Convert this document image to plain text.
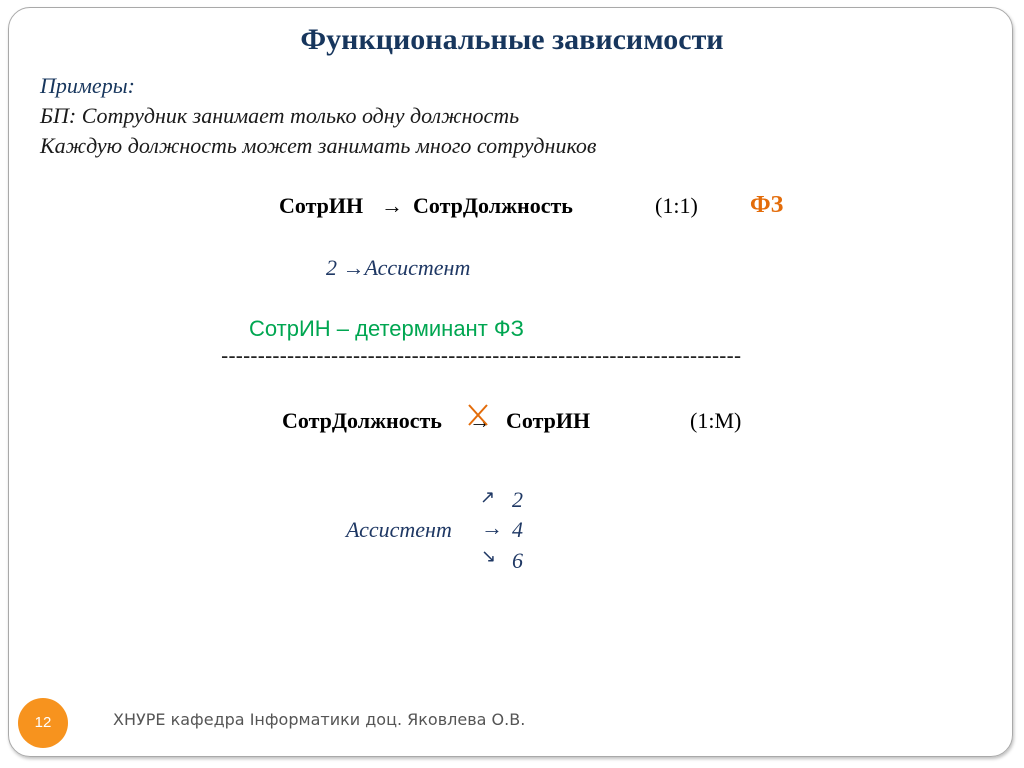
Функциональные зависимости
Примеры:
БП: Сотрудник занимает только одну должность
Каждую должность может занимать много сотрудников
СотрИН → СотрДолжность	(1:1) ФЗ
2 →Ассистент
СотрИН – детерминант ФЗ
-----------------------------------------------------------------------
СотрДолжность → СотрИН	(1:М)
Ассистент
↗
→
↘
2
4
6
12	ХНУРЕ кафедра Інформатики доц. Яковлева О.В.
